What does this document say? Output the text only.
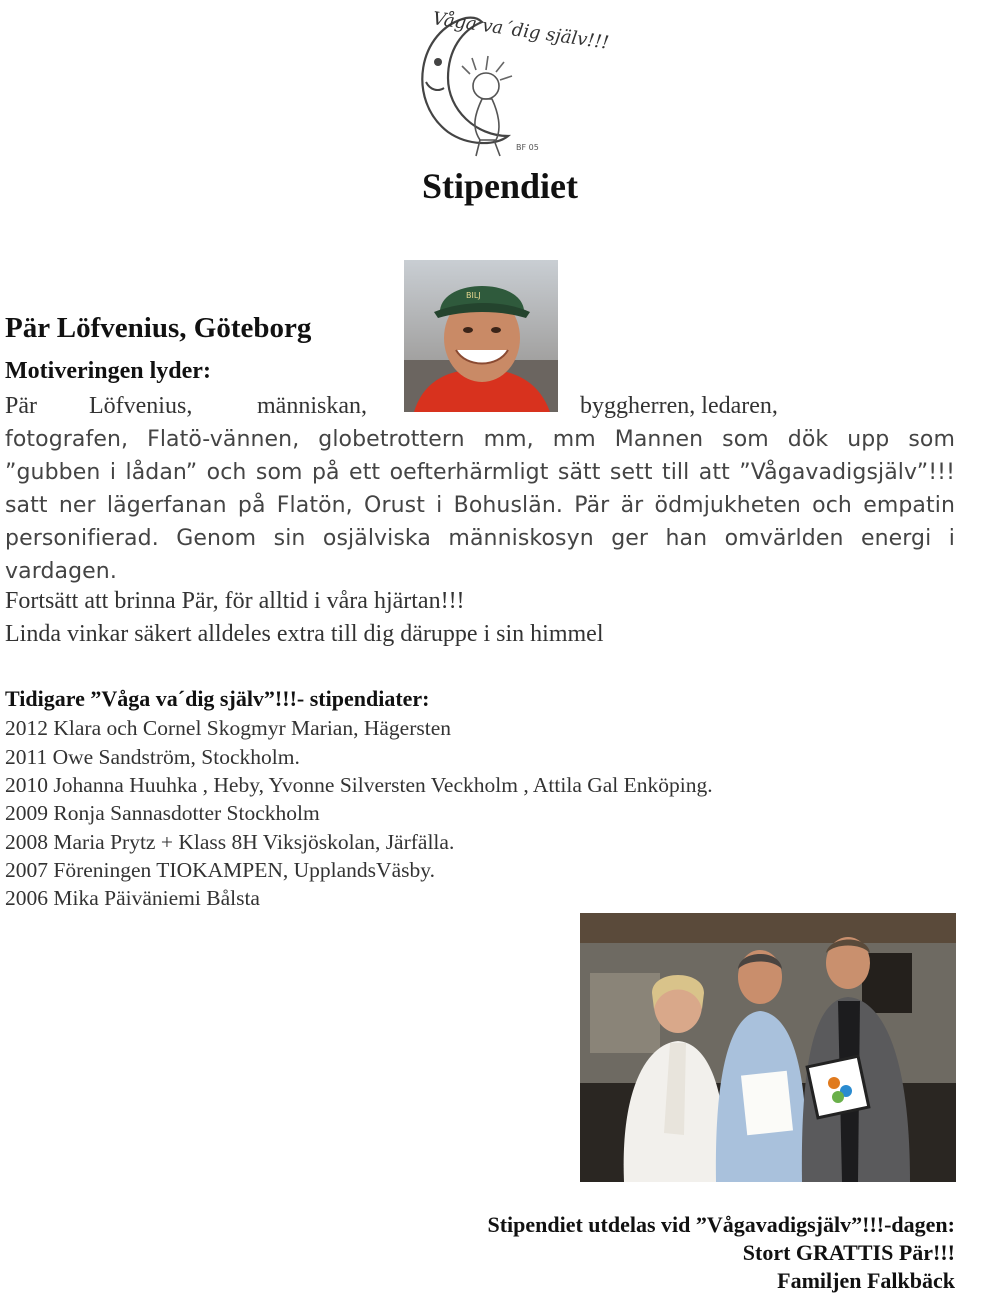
Våga va´dig själv!!!
BF 05
Stipendiet
BILJ
Pär Löfvenius, Göteborg
Motiveringen lyder:
Pär Löfvenius,	människan,	byggherren, ledaren,
fotografen, Flatö-vännen, globetrottern mm, mm Mannen som dök upp som
”gubben i lådan” och som på ett oefterhärmligt sätt sett till att ”Vågavadigsjälv”!!!
satt ner lägerfanan på Flatön, Orust i Bohuslän. Pär är ödmjukheten och empatin
personifierad. Genom sin osjälviska människosyn ger han omvärlden energi i
vardagen.
Fortsätt att brinna Pär, för alltid i våra hjärtan!!!
Linda vinkar säkert alldeles extra till dig däruppe i sin himmel
Tidigare ”Våga va´dig själv”!!!- stipendiater:
2012 Klara och Cornel Skogmyr Marian, Hägersten
2011 Owe Sandström, Stockholm.
2010 Johanna Huuhka , Heby, Yvonne Silversten Veckholm , Attila Gal Enköping.
2009 Ronja Sannasdotter Stockholm
2008 Maria Prytz + Klass 8H Viksjöskolan, Järfälla.
2007 Föreningen TIOKAMPEN, UpplandsVäsby.
2006 Mika Päiväniemi Bålsta
Stipendiet utdelas vid ”Vågavadigsjälv”!!!-dagen:
Stort GRATTIS Pär!!!
Familjen Falkbäck
